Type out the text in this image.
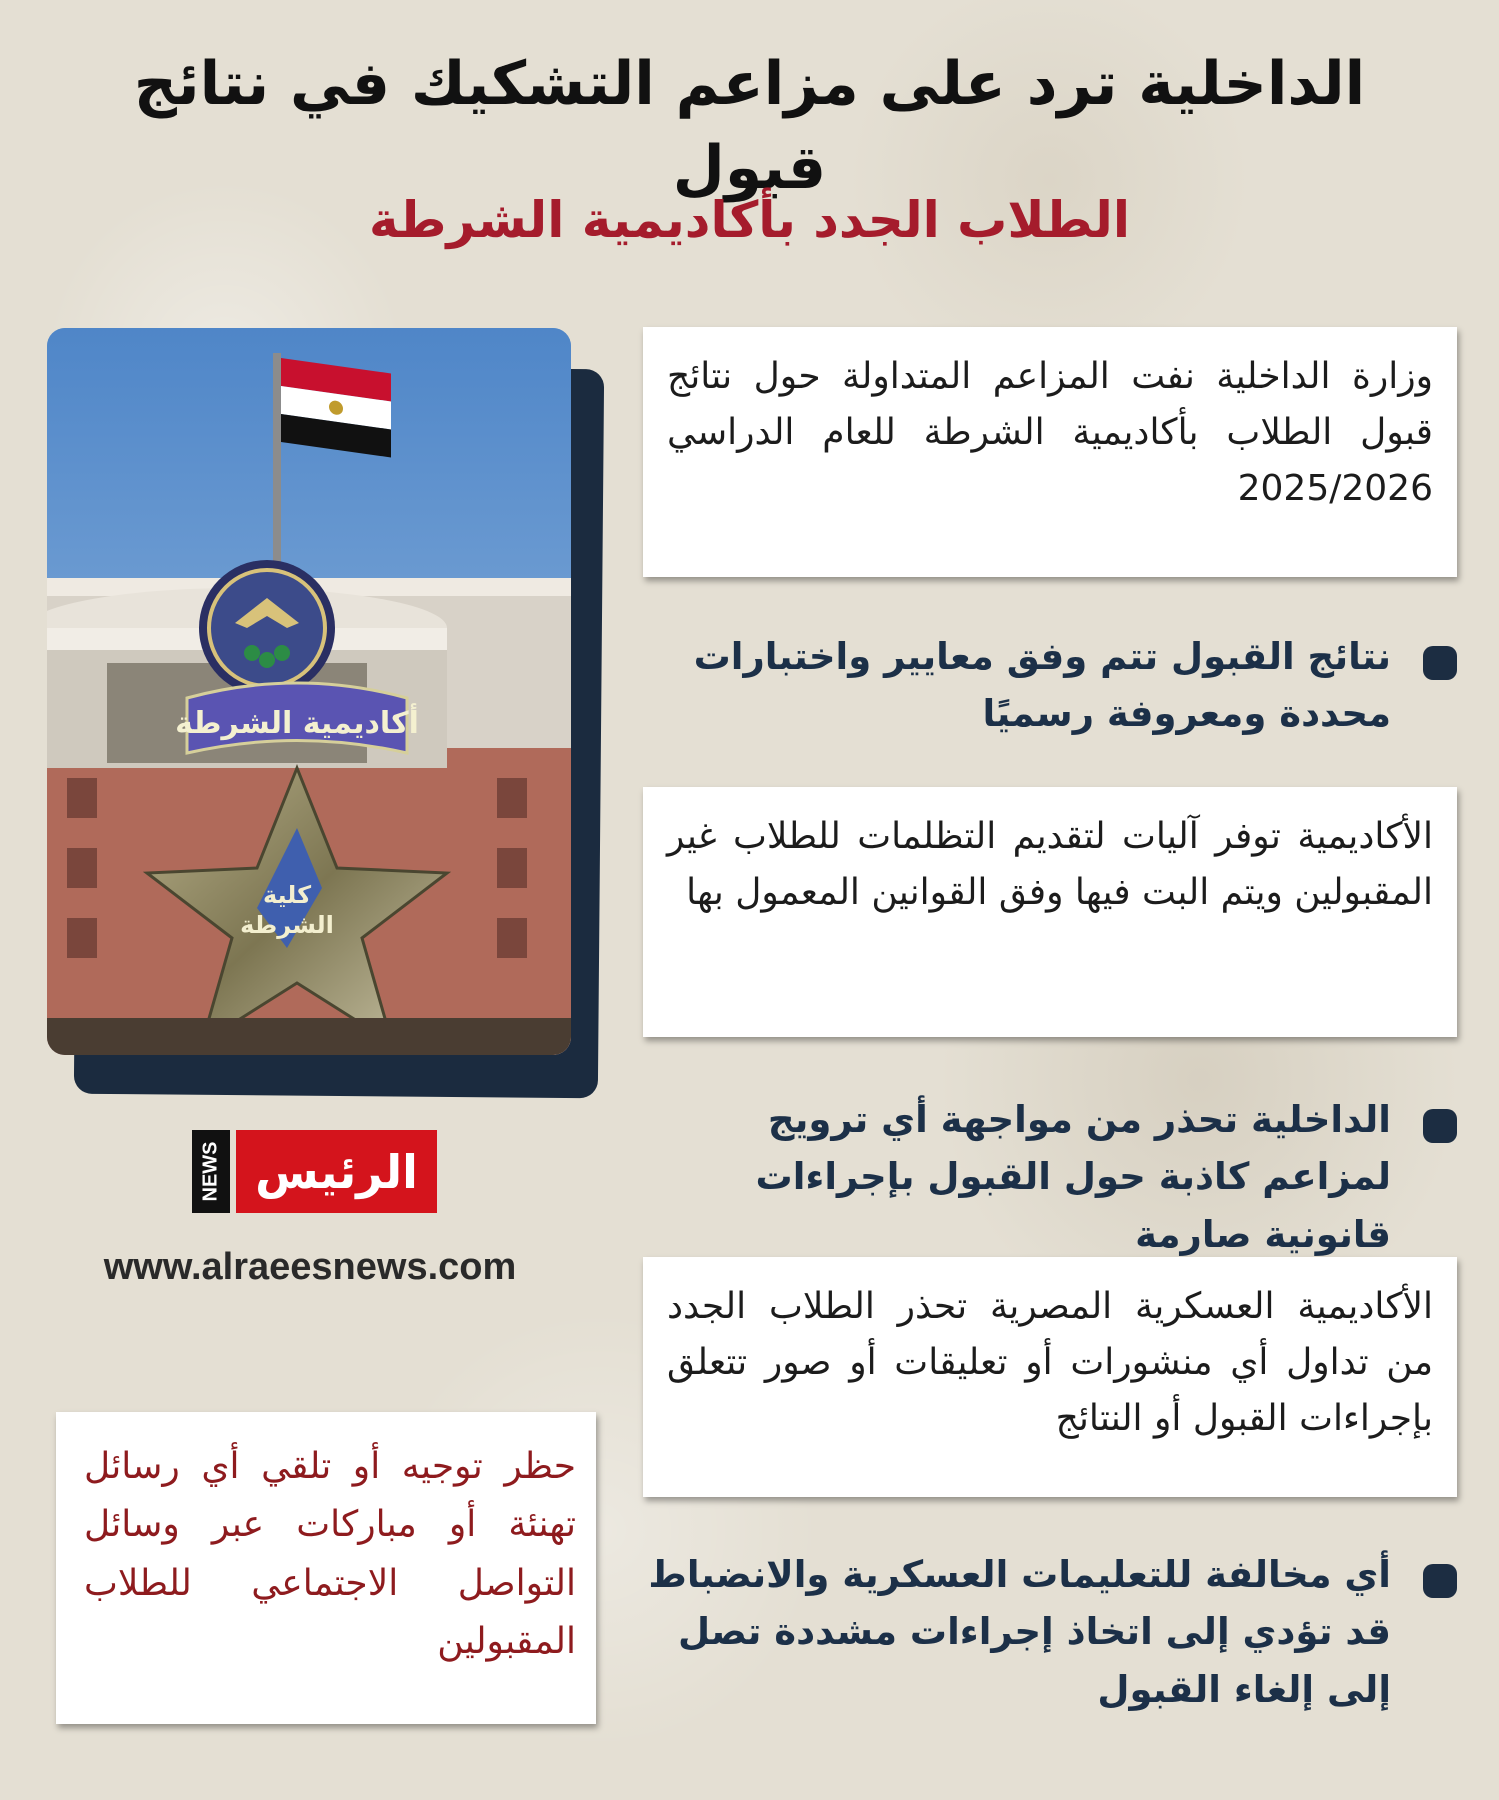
الداخلية ترد على مزاعم التشكيك في نتائج قبول
الطلاب الجدد بأكاديمية الشرطة
وزارة الداخلية نفت المزاعم المتداولة حول نتائج قبول الطلاب بأكاديمية الشرطة للعام الدراسي 2025/2026
نتائج القبول تتم وفق معايير واختبارات محددة ومعروفة رسميًا
الأكاديمية توفر آليات لتقديم التظلمات للطلاب غير المقبولين ويتم البت فيها وفق القوانين المعمول بها
الداخلية تحذر من مواجهة أي ترويج لمزاعم كاذبة حول القبول بإجراءات قانونية صارمة
الأكاديمية العسكرية المصرية تحذر الطلاب الجدد من تداول أي منشورات أو تعليقات أو صور تتعلق بإجراءات القبول أو النتائج
أي مخالفة للتعليمات العسكرية والانضباط قد تؤدي إلى اتخاذ إجراءات مشددة تصل إلى إلغاء القبول
أكاديمية الشرطة
كلية
الشرطة
NEWS الرئيس
www.alraeesnews.com
حظر توجيه أو تلقي أي رسائل تهنئة أو مباركات عبر وسائل التواصل الاجتماعي للطلاب المقبولين
